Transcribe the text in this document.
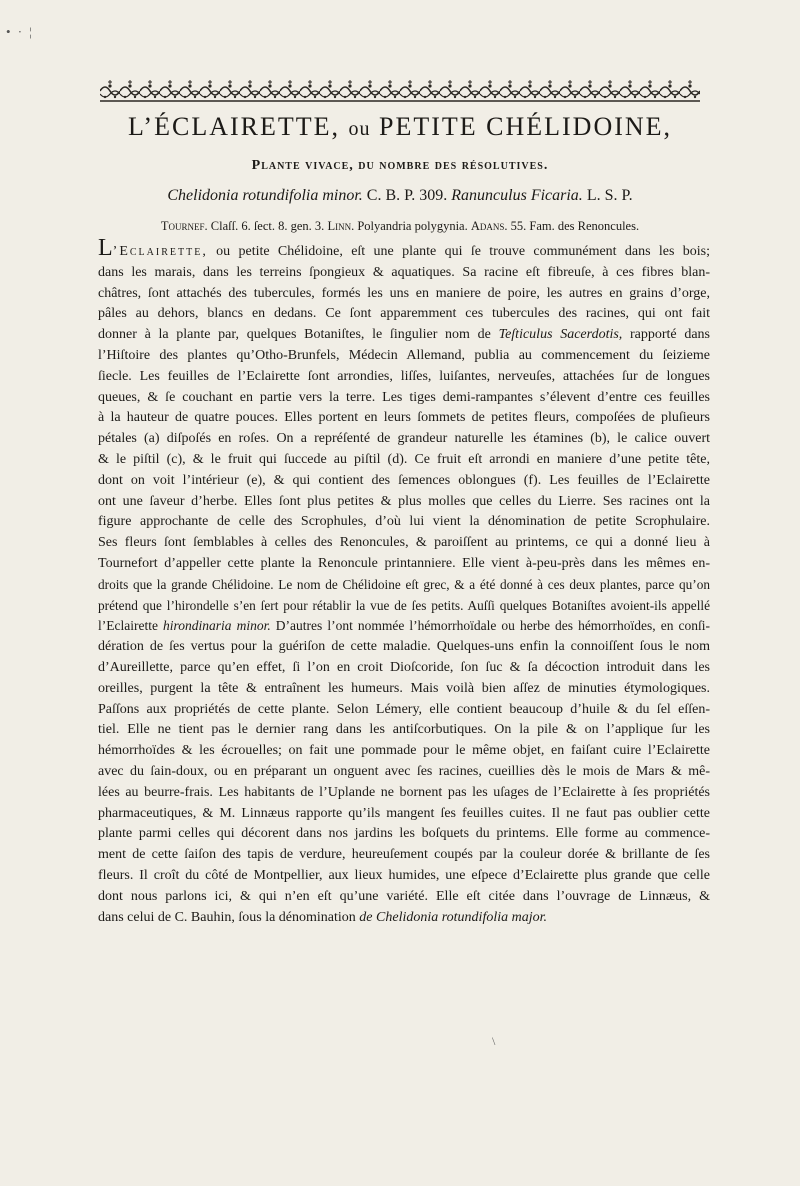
• · ¦
L’ÉCLAIRETTE, ou PETITE CHÉLIDOINE,
Plante vivace, du nombre des résolutives.
Chelidonia rotundifolia minor. C. B. P. 309. Ranunculus Ficaria. L. S. P.
Tournef. Claſſ. 6. ſect. 8. gen. 3. Linn. Polyandria polygynia. Adans. 55. Fam. des Renoncules.
L’Eclairette, ou petite Chélidoine, eſt une plante qui ſe trouve communément dans les bois;
dans les marais, dans les terreins ſpongieux & aquatiques. Sa racine eſt fibreuſe, à ces fibres blan-
châtres, ſont attachés des tubercules, formés les uns en maniere de poire, les autres en grains d’orge,
pâles au dehors, blancs en dedans. Ce ſont apparemment ces tubercules des racines, qui ont fait
donner à la plante par, quelques Botaniſtes, le ſingulier nom de Teſticulus Sacerdotis, rapporté dans
l’Hiſtoire des plantes qu’Otho-Brunfels, Médecin Allemand, publia au commencement du ſeizieme
ſiecle. Les feuilles de l’Eclairette ſont arrondies, liſſes, luiſantes, nerveuſes, attachées ſur de longues
queues, & ſe couchant en partie vers la terre. Les tiges demi-rampantes s’élevent d’entre ces feuilles
à la hauteur de quatre pouces. Elles portent en leurs ſommets de petites fleurs, compoſées de pluſieurs
pétales (a) diſpoſés en roſes. On a repréſenté de grandeur naturelle les étamines (b), le calice ouvert
& le piſtil (c), & le fruit qui ſuccede au piſtil (d). Ce fruit eſt arrondi en maniere d’une petite tête,
dont on voit l’intérieur (e), & qui contient des ſemences oblongues (f). Les feuilles de l’Eclairette
ont une ſaveur d’herbe. Elles ſont plus petites & plus molles que celles du Lierre. Ses racines ont la
figure approchante de celle des Scrophules, d’où lui vient la dénomination de petite Scrophulaire.
Ses fleurs ſont ſemblables à celles des Renoncules, & paroiſſent au printems, ce qui a donné lieu à
Tournefort d’appeller cette plante la Renoncule printanniere. Elle vient à-peu-près dans les mêmes en-
droits que la grande Chélidoine. Le nom de Chélidoine eſt grec, & a été donné à ces deux plantes, parce qu’on
prétend que l’hirondelle s’en ſert pour rétablir la vue de ſes petits. Auſſi quelques Botaniſtes avoient-ils appellé
l’Eclairette hirondinaria minor. D’autres l’ont nommée l’hémorrhoïdale ou herbe des hémorrhoïdes, en conſi-
dération de ſes vertus pour la guériſon de cette maladie. Quelques-uns enfin la connoiſſent ſous le nom
d’Aureillette, parce qu’en effet, ſi l’on en croit Dioſcoride, ſon ſuc & ſa décoction introduit dans les
oreilles, purgent la tête & entraînent les humeurs. Mais voilà bien aſſez de minuties étymologiques.
Paſſons aux propriétés de cette plante. Selon Lémery, elle contient beaucoup d’huile & du ſel eſſen-
tiel. Elle ne tient pas le dernier rang dans les antiſcorbutiques. On la pile & on l’applique ſur les
hémorrhoïdes & les écrouelles; on fait une pommade pour le même objet, en faiſant cuire l’Eclairette
avec du ſain-doux, ou en préparant un onguent avec ſes racines, cueillies dès le mois de Mars & mê-
lées au beurre-frais. Les habitants de l’Uplande ne bornent pas les uſages de l’Eclairette à ſes propriétés
pharmaceutiques, & M. Linnæus rapporte qu’ils mangent ſes feuilles cuites. Il ne faut pas oublier cette
plante parmi celles qui décorent dans nos jardins les boſquets du printems. Elle forme au commence-
ment de cette ſaiſon des tapis de verdure, heureuſement coupés par la couleur dorée & brillante de ſes
fleurs. Il croît du côté de Montpellier, aux lieux humides, une eſpece d’Eclairette plus grande que celle
dont nous parlons ici, & qui n’en eſt qu’une variété. Elle eſt citée dans l’ouvrage de Linnæus, &
dans celui de C. Bauhin, ſous la dénomination de Chelidonia rotundifolia major.
\
